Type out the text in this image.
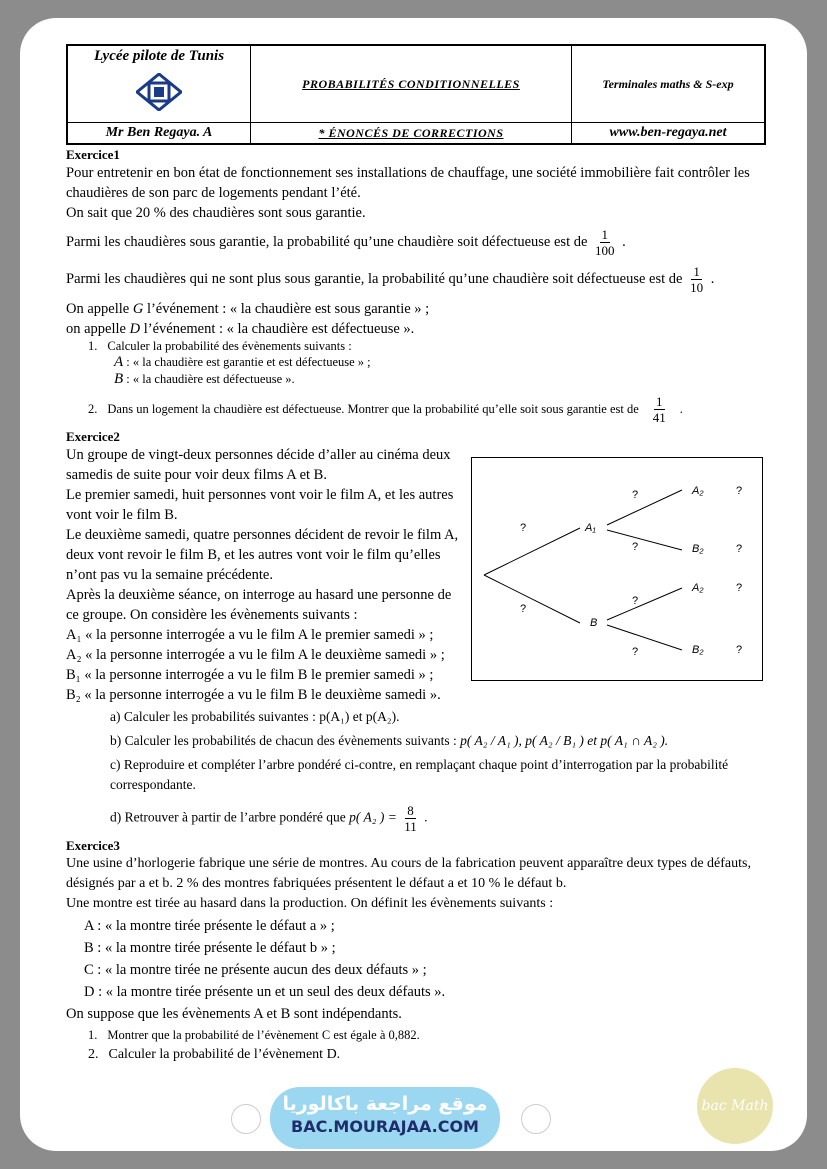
Lycée pilote de Tunis	PROBABILITÉS CONDITIONNELLES	Terminales maths & S-exp
Mr Ben Regaya. A	* ÉNONCÉS DE CORRECTIONS	www.ben-regaya.net
Exercice1

Pour entretenir en bon état de fonctionnement ses installations de chauffage, une société immobilière fait contrôler les chaudières de son parc de logements pendant l’été.

On sait que 20 % des chaudières sont sous garantie.

Parmi les chaudières sous garantie, la probabilité qu’une chaudière soit défectueuse est de $\frac{1}{100}$ .

Parmi les chaudières qui ne sont plus sous garantie, la probabilité qu’une chaudière soit défectueuse est de $\frac{1}{10}$ .

On appelle G l’événement : « la chaudière est sous garantie » ;

on appelle D l’événement : « la chaudière est défectueuse ».

1. Calculer la probabilité des évènements suivants :
A : « la chaudière est garantie et est défectueuse » ;
B : « la chaudière est défectueuse ».
2. Dans un logement la chaudière est défectueuse. Montrer que la probabilité qu’elle soit sous garantie est de $\frac{1}{41}$ .
Exercice2

Un groupe de vingt-deux personnes décide d’aller au cinéma deux samedis de suite pour voir deux films A et B.

Le premier samedi, huit personnes vont voir le film A, et les autres vont voir le film B.

Le deuxième samedi, quatre personnes décident de revoir le film A, deux vont revoir le film B, et les autres vont voir le film qu’elles n’ont pas vu la semaine précédente.

Après la deuxième séance, on interroge au hasard une personne de ce groupe. On considère les évènements suivants :

A₁ « la personne interrogée a vu le film A le premier samedi » ;

A₂ « la personne interrogée a vu le film A le deuxième samedi » ;

B₁ « la personne interrogée a vu le film B le premier samedi » ;

B₂ « la personne interrogée a vu le film B le deuxième samedi ».

?
?
A₁
B
?
?
?
?
A₂
B₂
A₂
B₂
?
?
?
?

a) Calculer les probabilités suivantes : p(A₁) et p(A₂).

b) Calculer les probabilités de chacun des évènements suivants : p( A₂ / A₁ ), p( A₂ / B₁ ) et p( A₁ ∩ A₂ ).

c) Reproduire et compléter l’arbre pondéré ci-contre, en remplaçant chaque point d’interrogation par la probabilité correspondante.

d) Retrouver à partir de l’arbre pondéré que p( A₂ ) = $\frac{8}{11}$ .

Exercice3

Une usine d’horlogerie fabrique une série de montres. Au cours de la fabrication peuvent apparaître deux types de défauts, désignés par a et b. 2 % des montres fabriquées présentent le défaut a et 10 % le défaut b.

Une montre est tirée au hasard dans la production. On définit les évènements suivants :

A : « la montre tirée présente le défaut a » ;

B : « la montre tirée présente le défaut b » ;

C : « la montre tirée ne présente aucun des deux défauts » ;

D : « la montre tirée présente un et un seul des deux défauts ».

On suppose que les évènements A et B sont indépendants.

1. Montrer que la probabilité de l’évènement C est égale à 0,882.
2. Calculer la probabilité de l’évènement D.
موقع مراجعة باكالوريا
BAC.MOURAJAA.COM
bac Math
